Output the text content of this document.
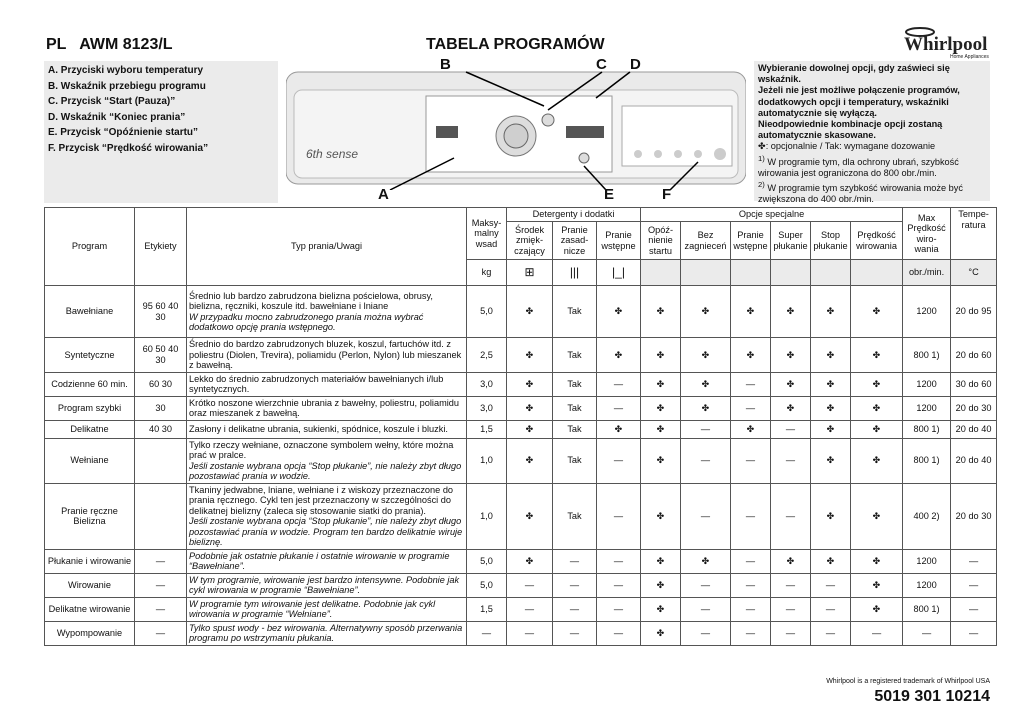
PL AWM 8123/L	TABELA PROGRAMÓW	Whirlpool
Home Appliances
A. Przyciski wyboru temperatury
B. Wskaźnik przebiegu programu
C. Przycisk “Start (Pauza)”
D. Wskaźnik “Koniec prania”
E. Przycisk “Opóźnienie startu”
F. Przycisk “Prędkość wirowania”	6th sense
B	C D
A	E	F
Wybieranie dowolnej opcji, gdy zaświeci się wskaźnik.
Jeżeli nie jest możliwe połączenie programów, dodatkowych opcji i temperatury, wskaźniki automatycznie się wyłączą.
Nieodpowiednie kombinacje opcji zostaną automatycznie skasowane.
✤: opcjonalnie / Tak: wymagane dozowanie
$^{1)}$ W programie tym, dla ochrony ubrań, szybkość wirowania jest ograniczona do 800 obr./min.
$^{2)}$ W programie tym szybkość wirowania może być zwiększona do 400 obr./min.
Program	Etykiety	Typ prania/Uwagi	Maksy-malny wsad	Detergenty i dodatki			Opcje specjalne						Max Prędkość wiro-wania	Tempe-ratura
				Środek zmięk-czający	Pranie zasad-nicze	Pranie wstępne	Opóź-nienie startu	Bez zagnieceń	Pranie wstępne	Super płukanie	Stop płukanie	Prędkość wirowania		
			kg	⊞	|||	|_|							obr./min.	°C
Bawełniane	95 60 40 30	Średnio lub bardzo zabrudzona bielizna pościelowa, obrusy, bielizna, ręczniki, koszule itd. bawełniane i lniane
W przypadku mocno zabrudzonego prania można wybrać dodatkowo opcję prania wstępnego.	5,0	✤	Tak	✤	✤	✤	✤	✤	✤	✤	1200	20 do 95
Syntetyczne	60 50 40 30	Średnio do bardzo zabrudzonych bluzek, koszul, fartuchów itd. z poliestru (Diolen, Trevira), poliamidu (Perlon, Nylon) lub mieszanek z bawełną.	2,5	✤	Tak	✤	✤	✤	✤	✤	✤	✤	800 1)	20 do 60
Codzienne 60 min.	60 30	Lekko do średnio zabrudzonych materiałów bawełnianych i/lub syntetycznych.	3,0	✤	Tak	—	✤	✤	—	✤	✤	✤	1200	30 do 60
Program szybki	30	Krótko noszone wierzchnie ubrania z bawełny, poliestru, poliamidu oraz mieszanek z bawełną.	3,0	✤	Tak	—	✤	✤	—	✤	✤	✤	1200	20 do 30
Delikatne	40 30	Zasłony i delikatne ubrania, sukienki, spódnice, koszule i bluzki.	1,5	✤	Tak	✤	✤	—	✤	—	✤	✤	800 1)	20 do 40
Wełniane		Tylko rzeczy wełniane, oznaczone symbolem wełny, które można prać w pralce.
Jeśli zostanie wybrana opcja “Stop płukanie”, nie należy zbyt długo pozostawiać prania w wodzie.	1,0	✤	Tak	—	✤	—	—	—	✤	✤	800 1)	20 do 40
Pranie ręczne Bielizna		Tkaniny jedwabne, lniane, wełniane i z wiskozy przeznaczone do prania ręcznego. Cykl ten jest przeznaczony w szczególności do delikatnej bielizny (zaleca się stosowanie siatki do prania).
Jeśli zostanie wybrana opcja “Stop płukanie”, nie należy zbyt długo pozostawiać prania w wodzie. Program ten bardzo delikatnie wiruje bieliznę.	1,0	✤	Tak	—	✤	—	—	—	✤	✤	400 2)	20 do 30
Płukanie i wirowanie	—	Podobnie jak ostatnie płukanie i ostatnie wirowanie w programie “Bawełniane”.	5,0	✤	—	—	✤	✤	—	✤	✤	✤	1200	—
Wirowanie	—	W tym programie, wirowanie jest bardzo intensywne. Podobnie jak cykl wirowania w programie “Bawełniane”.	5,0	—	—	—	✤	—	—	—	—	✤	1200	—
Delikatne wirowanie	—	W programie tym wirowanie jest delikatne. Podobnie jak cykl wirowania w programie “Wełniane”.	1,5	—	—	—	✤	—	—	—	—	✤	800 1)	—
Wypompowanie	—	Tylko spust wody - bez wirowania. Alternatywny sposób przerwania programu po wstrzymaniu płukania.	—	—	—	—	✤	—	—	—	—	—	—	—
Whirlpool is a registered trademark of Whirlpool USA
5019 301 10214
